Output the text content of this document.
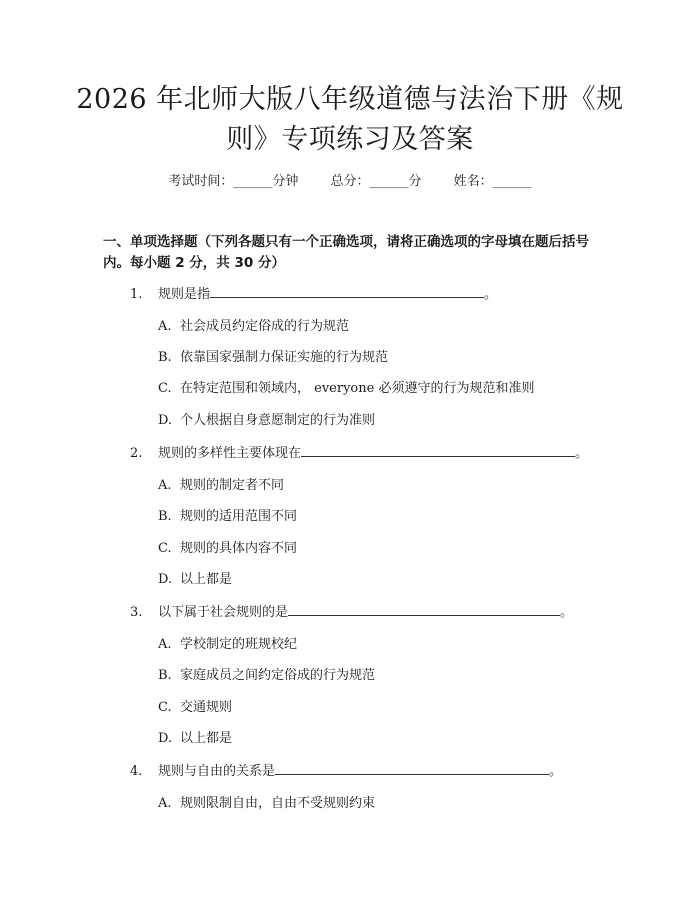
2026 年北师大版八年级道德与法治下册《规
则》专项练习及答案
考试时间：______分钟 总分：______分 姓名：______
一、单项选择题（下列各题只有一个正确选项，请将正确选项的字母填在题后括号内。每小题 2 分，共 30 分）
1. 规则是指	。
A. 社会成员约定俗成的行为规范
B. 依靠国家强制力保证实施的行为规范
C. 在特定范围和领域内， everyone 必须遵守的行为规范和准则
D. 个人根据自身意愿制定的行为准则
2. 规则的多样性主要体现在	。
A. 规则的制定者不同
B. 规则的适用范围不同
C. 规则的具体内容不同
D. 以上都是
3. 以下属于社会规则的是	。
A. 学校制定的班规校纪
B. 家庭成员之间约定俗成的行为规范
C. 交通规则
D. 以上都是
4. 规则与自由的关系是	。
A. 规则限制自由，自由不受规则约束
